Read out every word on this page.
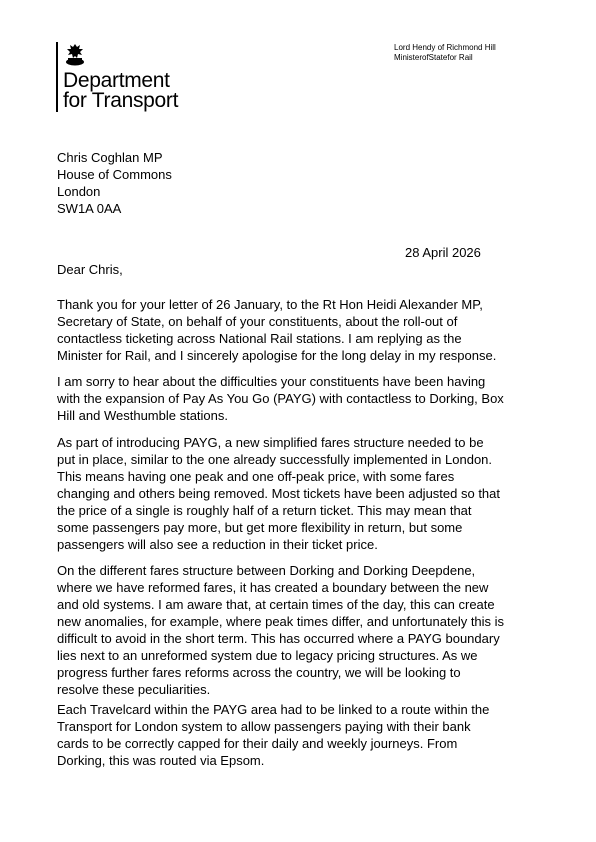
Department
for Transport
Lord Hendy of Richmond Hill
MinisterofStatefor Rail
Chris Coghlan MP
House of Commons
London
SW1A 0AA
28 April 2026
Dear Chris,
Thank you for your letter of 26 January, to the Rt Hon Heidi Alexander MP,
Secretary of State, on behalf of your constituents, about the roll-out of
contactless ticketing across National Rail stations. I am replying as the
Minister for Rail, and I sincerely apologise for the long delay in my response.
I am sorry to hear about the difficulties your constituents have been having
with the expansion of Pay As You Go (PAYG) with contactless to Dorking, Box
Hill and Westhumble stations.
As part of introducing PAYG, a new simplified fares structure needed to be
put in place, similar to the one already successfully implemented in London.
This means having one peak and one off-peak price, with some fares
changing and others being removed. Most tickets have been adjusted so that
the price of a single is roughly half of a return ticket. This may mean that
some passengers pay more, but get more flexibility in return, but some
passengers will also see a reduction in their ticket price.
On the different fares structure between Dorking and Dorking Deepdene,
where we have reformed fares, it has created a boundary between the new
and old systems. I am aware that, at certain times of the day, this can create
new anomalies, for example, where peak times differ, and unfortunately this is
difficult to avoid in the short term. This has occurred where a PAYG boundary
lies next to an unreformed system due to legacy pricing structures. As we
progress further fares reforms across the country, we will be looking to
resolve these peculiarities.
Each Travelcard within the PAYG area had to be linked to a route within the
Transport for London system to allow passengers paying with their bank
cards to be correctly capped for their daily and weekly journeys. From
Dorking, this was routed via Epsom.
